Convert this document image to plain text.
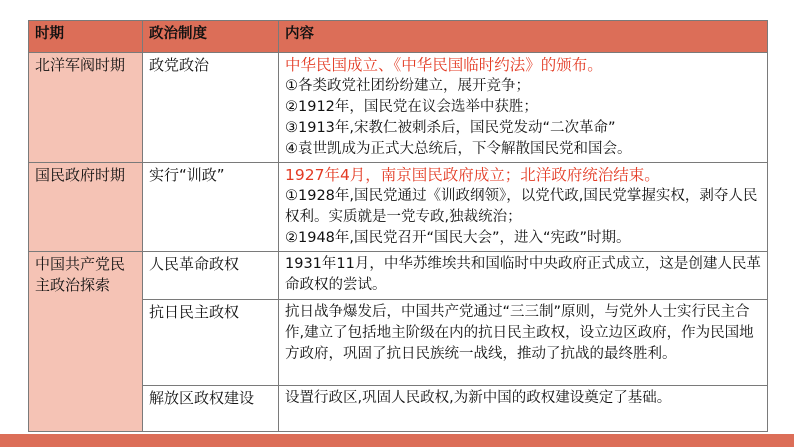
时期	政治制度	内容
北洋军阀时期	政党政治	中华民国成立、《中华民国临时约法》的颁布。
①各类政党社团纷纷建立，展开竞争；
②1912年，国民党在议会选举中获胜；
③1913年,宋教仁被刺杀后，国民党发动“二次革命”
④袁世凯成为正式大总统后，下令解散国民党和国会。

国民政府时期	实行“训政”	1927年4月，南京国民政府成立；北洋政府统治结束。
①1928年,国民党通过《训政纲领》，以党代政,国民党掌握实权，剥夺人民权利。实质就是一党专政,独裁统治；
②1948年,国民党召开“国民大会”，进入“宪政”时期。

中国共产党民主政治探索	人民革命政权	1931年11月，中华苏维埃共和国临时中央政府正式成立，这是创建人民革命政权的尝试。
	抗日民主政权	抗日战争爆发后，中国共产党通过“三三制”原则，与党外人士实行民主合作,建立了包括地主阶级在内的抗日民主政权，设立边区政府，作为民国地方政府，巩固了抗日民族统一战线，推动了抗战的最终胜利。
	解放区政权建设	设置行政区,巩固人民政权,为新中国的政权建设奠定了基础。
